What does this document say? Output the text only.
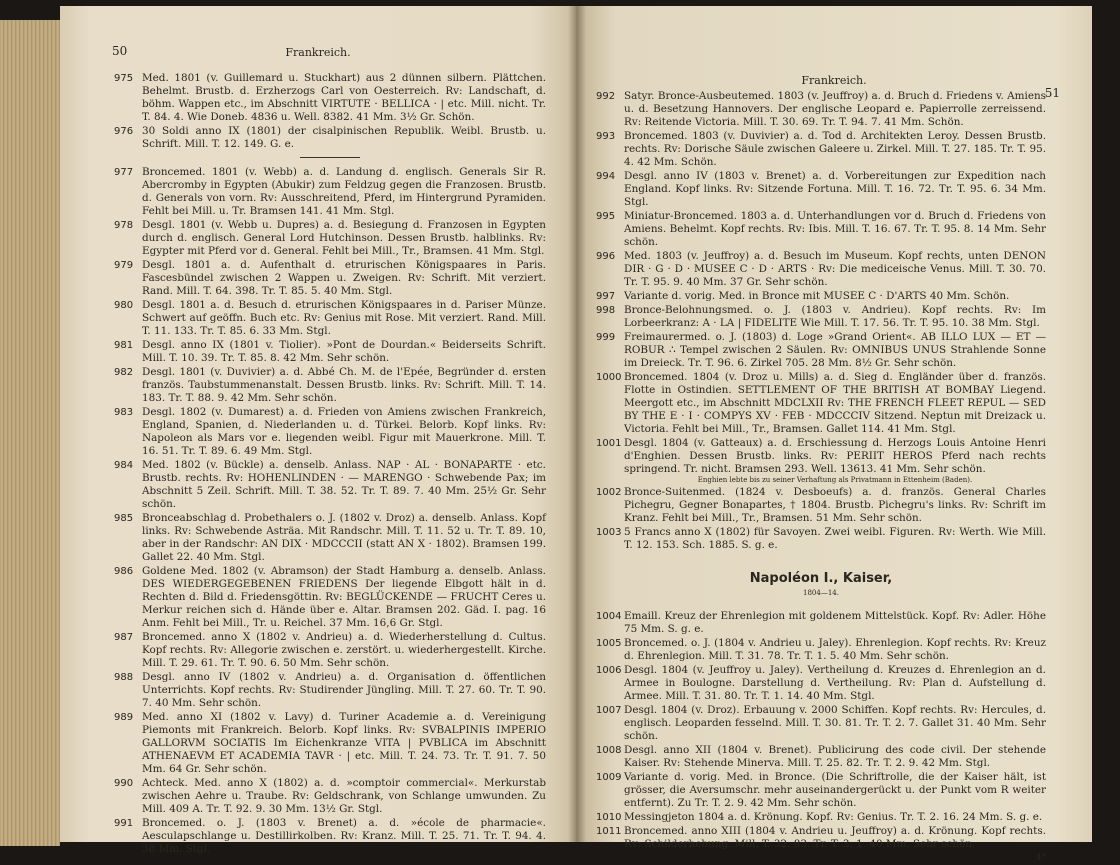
50	Frankreich.
975 Med. 1801 (v. Guillemard u. Stuckhart) aus 2 dünnen silbern. Plättchen. Behelmt. Brustb. d. Erzherzogs Carl von Oesterreich. Rv: Landschaft, d. böhm. Wappen etc., im Abschnitt VIRTUTE · BELLICA · | etc. Mill. nicht. Tr. T. 84. 4. Wie Doneb. 4836 u. Well. 8382. 41 Mm. 3½ Gr. Schön.
976 30 Soldi anno IX (1801) der cisalpinischen Republik. Weibl. Brustb. u. Schrift. Mill. T. 12. 149. G. e.
977 Broncemed. 1801 (v. Webb) a. d. Landung d. englisch. Generals Sir R. Abercromby in Egypten (Abukir) zum Feldzug gegen die Franzosen. Brustb. d. Generals von vorn. Rv: Ausschreitend, Pferd, im Hintergrund Pyramiden. Fehlt bei Mill. u. Tr. Bramsen 141. 41 Mm. Stgl.
978 Desgl. 1801 (v. Webb u. Dupres) a. d. Besiegung d. Franzosen in Egypten durch d. englisch. General Lord Hutchinson. Dessen Brustb. halblinks. Rv: Egypter mit Pferd vor d. General. Fehlt bei Mill., Tr., Bramsen. 41 Mm. Stgl.
979 Desgl. 1801 a. d. Aufenthalt d. etrurischen Königspaares in Paris. Fascesbündel zwischen 2 Wappen u. Zweigen. Rv: Schrift. Mit verziert. Rand. Mill. T. 64. 398. Tr. T. 85. 5. 40 Mm. Stgl.
980 Desgl. 1801 a. d. Besuch d. etrurischen Königspaares in d. Pariser Münze. Schwert auf geöffn. Buch etc. Rv: Genius mit Rose. Mit verziert. Rand. Mill. T. 11. 133. Tr. T. 85. 6. 33 Mm. Stgl.
981 Desgl. anno IX (1801 v. Tiolier). »Pont de Dourdan.« Beiderseits Schrift. Mill. T. 10. 39. Tr. T. 85. 8. 42 Mm. Sehr schön.
982 Desgl. 1801 (v. Duvivier) a. d. Abbé Ch. M. de l'Epée, Begründer d. ersten französ. Taubstummenanstalt. Dessen Brustb. links. Rv: Schrift. Mill. T. 14. 183. Tr. T. 88. 9. 42 Mm. Sehr schön.
983 Desgl. 1802 (v. Dumarest) a. d. Frieden von Amiens zwischen Frankreich, England, Spanien, d. Niederlanden u. d. Türkei. Belorb. Kopf links. Rv: Napoleon als Mars vor e. liegenden weibl. Figur mit Mauerkrone. Mill. T. 16. 51. Tr. T. 89. 6. 49 Mm. Stgl.
984 Med. 1802 (v. Bückle) a. denselb. Anlass. NAP · AL · BONAPARTE · etc. Brustb. rechts. Rv: HOHENLINDEN · — MARENGO · Schwebende Pax; im Abschnitt 5 Zeil. Schrift. Mill. T. 38. 52. Tr. T. 89. 7. 40 Mm. 25½ Gr. Sehr schön.
985 Bronceabschlag d. Probethalers o. J. (1802 v. Droz) a. denselb. Anlass. Kopf links. Rv: Schwebende Asträa. Mit Randschr. Mill. T. 11. 52 u. Tr. T. 89. 10, aber in der Randschr: AN DIX · MDCCCII (statt AN X · 1802). Bramsen 199. Gallet 22. 40 Mm. Stgl.
986 Goldene Med. 1802 (v. Abramson) der Stadt Hamburg a. denselb. Anlass. DES WIEDERGEGEBENEN FRIEDENS Der liegende Elbgott hält in d. Rechten d. Bild d. Friedensgöttin. Rv: BEGLÜCKENDE — FRUCHT Ceres u. Merkur reichen sich d. Hände über e. Altar. Bramsen 202. Gäd. I. pag. 16 Anm. Fehlt bei Mill., Tr. u. Reichel. 37 Mm. 16,6 Gr. Stgl.
987 Broncemed. anno X (1802 v. Andrieu) a. d. Wiederherstellung d. Cultus. Kopf rechts. Rv: Allegorie zwischen e. zerstört. u. wiederhergestellt. Kirche. Mill. T. 29. 61. Tr. T. 90. 6. 50 Mm. Sehr schön.
988 Desgl. anno IV (1802 v. Andrieu) a. d. Organisation d. öffentlichen Unterrichts. Kopf rechts. Rv: Studirender Jüngling. Mill. T. 27. 60. Tr. T. 90. 7. 40 Mm. Sehr schön.
989 Med. anno XI (1802 v. Lavy) d. Turiner Academie a. d. Vereinigung Piemonts mit Frankreich. Belorb. Kopf links. Rv: SVBALPINIS IMPERIO GALLORVM SOCIATIS Im Eichenkranze VITA | PVBLICA im Abschnitt ATHENAEVM ET ACADEMIA TAVR · | etc. Mill. T. 24. 73. Tr. T. 91. 7. 50 Mm. 64 Gr. Sehr schön.
990 Achteck. Med. anno X (1802) a. d. »comptoir commercial«. Merkurstab zwischen Aehre u. Traube. Rv: Geldschrank, von Schlange umwunden. Zu Mill. 409 A. Tr. T. 92. 9. 30 Mm. 13½ Gr. Stgl.
991 Broncemed. o. J. (1803 v. Brenet) a. d. »école de pharmacie«. Aesculapschlange u. Destillirkolben. Rv: Kranz. Mill. T. 25. 71. Tr. T. 94. 4. 38 Mm. Stgl.
Frankreich.
51
992 Satyr. Bronce-Ausbeutemed. 1803 (v. Jeuffroy) a. d. Bruch d. Friedens v. Amiens u. d. Besetzung Hannovers. Der englische Leopard e. Papierrolle zerreissend. Rv: Reitende Victoria. Mill. T. 30. 69. Tr. T. 94. 7. 41 Mm. Schön.
993 Broncemed. 1803 (v. Duvivier) a. d. Tod d. Architekten Leroy. Dessen Brustb. rechts. Rv: Dorische Säule zwischen Galeere u. Zirkel. Mill. T. 27. 185. Tr. T. 95. 4. 42 Mm. Schön.
994 Desgl. anno IV (1803 v. Brenet) a. d. Vorbereitungen zur Expedition nach England. Kopf links. Rv: Sitzende Fortuna. Mill. T. 16. 72. Tr. T. 95. 6. 34 Mm. Stgl.
995 Miniatur-Broncemed. 1803 a. d. Unterhandlungen vor d. Bruch d. Friedens von Amiens. Behelmt. Kopf rechts. Rv: Ibis. Mill. T. 16. 67. Tr. T. 95. 8. 14 Mm. Sehr schön.
996 Med. 1803 (v. Jeuffroy) a. d. Besuch im Museum. Kopf rechts, unten DENON DIR · G · D · MUSEE C · D · ARTS · Rv: Die mediceische Venus. Mill. T. 30. 70. Tr. T. 95. 9. 40 Mm. 37 Gr. Sehr schön.
997 Variante d. vorig. Med. in Bronce mit MUSEE C · D'ARTS 40 Mm. Schön.
998 Bronce-Belohnungsmed. o. J. (1803 v. Andrieu). Kopf rechts. Rv: Im Lorbeerkranz: A · LA | FIDELITE Wie Mill. T. 17. 56. Tr. T. 95. 10. 38 Mm. Stgl.
999 Freimaurermed. o. J. (1803) d. Loge »Grand Orient«. AB ILLO LUX — ET — ROBUR ∴ Tempel zwischen 2 Säulen. Rv: OMNIBUS UNUS Strahlende Sonne im Dreieck. Tr. T. 96. 6. Zirkel 705. 28 Mm. 8½ Gr. Sehr schön.
1000 Broncemed. 1804 (v. Droz u. Mills) a. d. Sieg d. Engländer über d. französ. Flotte in Ostindien. SETTLEMENT OF THE BRITISH AT BOMBAY Liegend. Meergott etc., im Abschnitt MDCLXII Rv: THE FRENCH FLEET REPUL — SED BY THE E · I · COMPYS XV · FEB · MDCCCIV Sitzend. Neptun mit Dreizack u. Victoria. Fehlt bei Mill., Tr., Bramsen. Gallet 114. 41 Mm. Stgl.
1001 Desgl. 1804 (v. Gatteaux) a. d. Erschiessung d. Herzogs Louis Antoine Henri d'Enghien. Dessen Brustb. links. Rv: PERIIT HEROS Pferd nach rechts springend. Tr. nicht. Bramsen 293. Well. 13613. 41 Mm. Sehr schön.
Enghien lebte bis zu seiner Verhaftung als Privatmann in Ettenheim (Baden).
1002 Bronce-Suitenmed. (1824 v. Desboeufs) a. d. französ. General Charles Pichegru, Gegner Bonapartes, † 1804. Brustb. Pichegru's links. Rv: Schrift im Kranz. Fehlt bei Mill., Tr., Bramsen. 51 Mm. Sehr schön.
1003 5 Francs anno X (1802) für Savoyen. Zwei weibl. Figuren. Rv: Werth. Wie Mill. T. 12. 153. Sch. 1885. S. g. e.
Napoléon I., Kaiser,
1804—14.
1004 Emaill. Kreuz der Ehrenlegion mit goldenem Mittelstück. Kopf. Rv: Adler. Höhe 75 Mm. S. g. e.
1005 Broncemed. o. J. (1804 v. Andrieu u. Jaley). Ehrenlegion. Kopf rechts. Rv: Kreuz d. Ehrenlegion. Mill. T. 31. 78. Tr. T. 1. 5. 40 Mm. Sehr schön.
1006 Desgl. 1804 (v. Jeuffroy u. Jaley). Vertheilung d. Kreuzes d. Ehrenlegion an d. Armee in Boulogne. Darstellung d. Vertheilung. Rv: Plan d. Aufstellung d. Armee. Mill. T. 31. 80. Tr. T. 1. 14. 40 Mm. Stgl.
1007 Desgl. 1804 (v. Droz). Erbauung v. 2000 Schiffen. Kopf rechts. Rv: Hercules, d. englisch. Leoparden fesselnd. Mill. T. 30. 81. Tr. T. 2. 7. Gallet 31. 40 Mm. Sehr schön.
1008 Desgl. anno XII (1804 v. Brenet). Publicirung des code civil. Der stehende Kaiser. Rv: Stehende Minerva. Mill. T. 25. 82. Tr. T. 2. 9. 42 Mm. Stgl.
1009 Variante d. vorig. Med. in Bronce. (Die Schriftrolle, die der Kaiser hält, ist grösser, die Aversumschr. mehr auseinandergerückt u. der Punkt vom R weiter entfernt). Zu Tr. T. 2. 9. 42 Mm. Sehr schön.
1010 Messingjeton 1804 a. d. Krönung. Kopf. Rv: Genius. Tr. T. 2. 16. 24 Mm. S. g. e.
1011 Broncemed. anno XIII (1804 v. Andrieu u. Jeuffroy) a. d. Krönung. Kopf rechts. Rv: Schilderhebung. Mill. T. 32. 83. Tr. T. 3. 1. 40 Mm. Sehr schön.
4*
